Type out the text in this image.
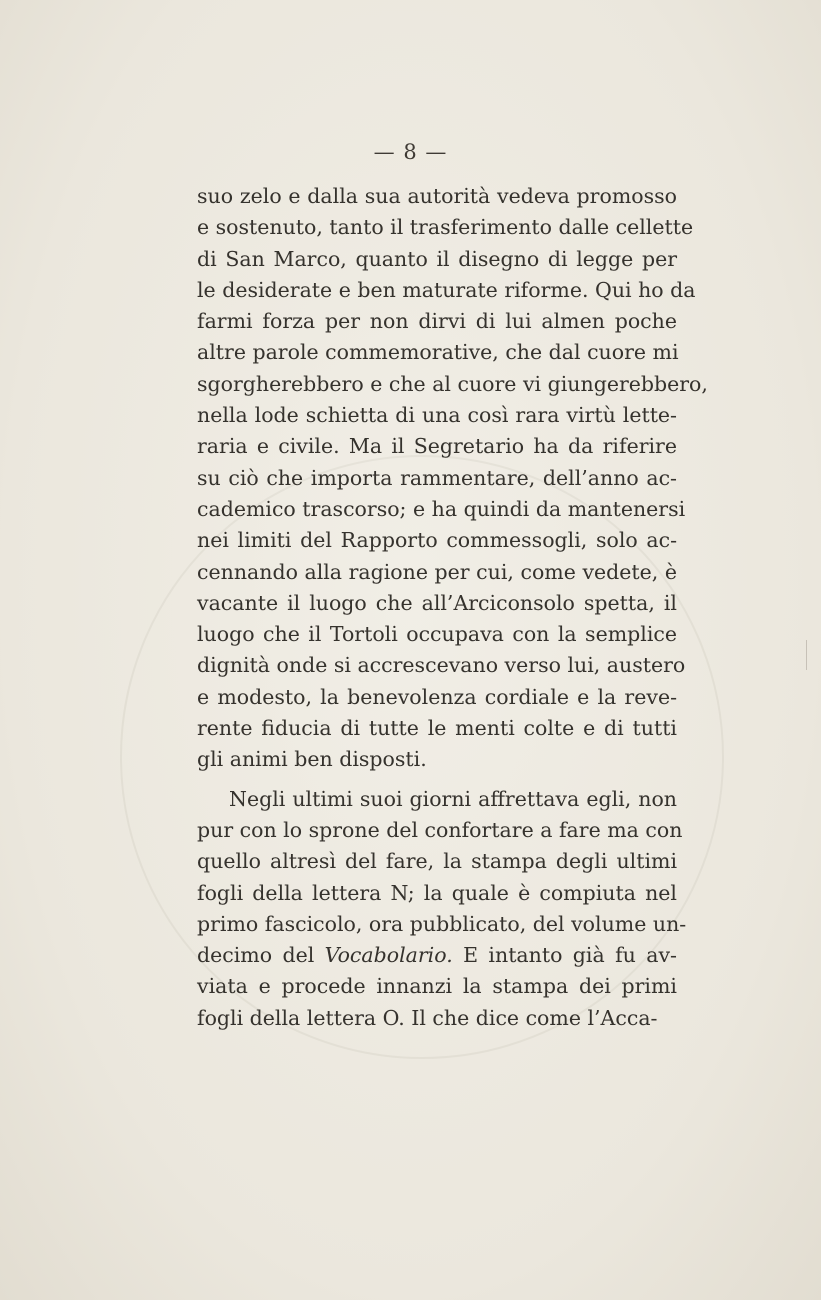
— 8 —
suo zelo e dalla sua autorità vedeva promosso
e sostenuto, tanto il trasferimento dalle cellette
di San Marco, quanto il disegno di legge per
le desiderate e ben maturate riforme. Qui ho da
farmi forza per non dirvi di lui almen poche
altre parole commemorative, che dal cuore mi
sgorgherebbero e che al cuore vi giungerebbero,
nella lode schietta di una così rara virtù lette-
raria e civile. Ma il Segretario ha da riferire
su ciò che importa rammentare, dell’anno ac-
cademico trascorso; e ha quindi da mantenersi
nei limiti del Rapporto commessogli, solo ac-
cennando alla ragione per cui, come vedete, è
vacante il luogo che all’Arciconsolo spetta, il
luogo che il Tortoli occupava con la semplice
dignità onde si accrescevano verso lui, austero
e modesto, la benevolenza cordiale e la reve-
rente fiducia di tutte le menti colte e di tutti
gli animi ben disposti.
Negli ultimi suoi giorni affrettava egli, non
pur con lo sprone del confortare a fare ma con
quello altresì del fare, la stampa degli ultimi
fogli della lettera N; la quale è compiuta nel
primo fascicolo, ora pubblicato, del volume un-
decimo del Vocabolario. E intanto già fu av-
viata e procede innanzi la stampa dei primi
fogli della lettera O. Il che dice come l’Acca-
